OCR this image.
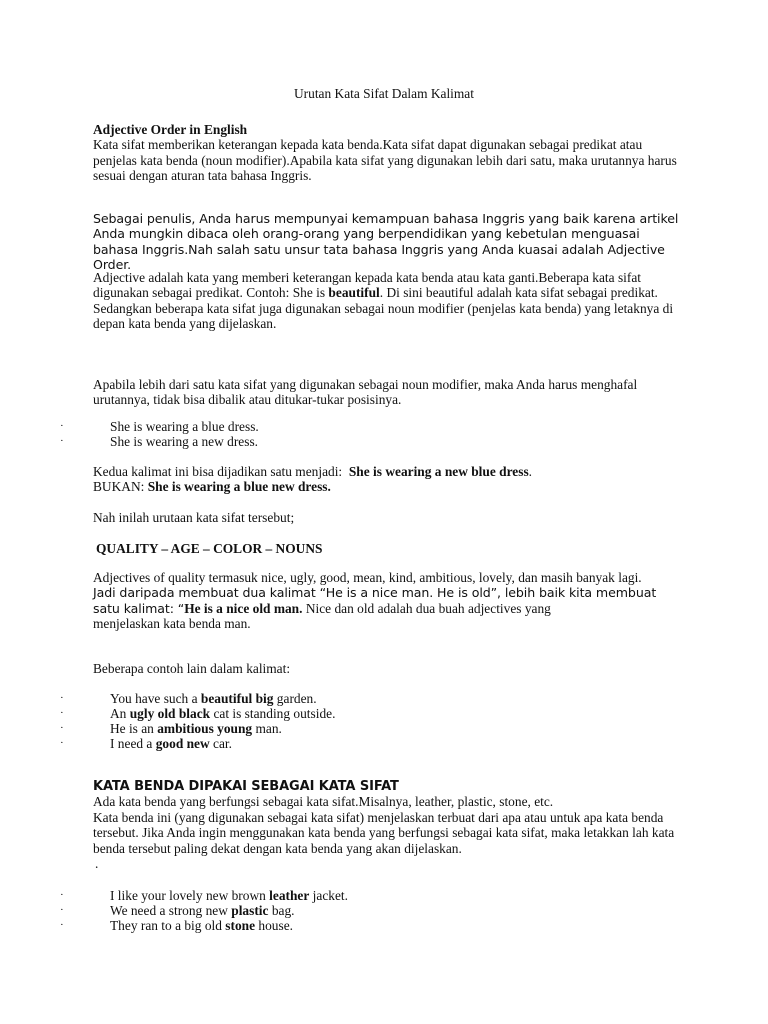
Urutan Kata Sifat Dalam Kalimat
Adjective Order in English

Kata sifat memberikan keterangan kepada kata benda.Kata sifat dapat digunakan sebagai predikat atau penjelas kata benda (noun modifier).Apabila kata sifat yang digunakan lebih dari satu, maka urutannya harus sesuai dengan aturan tata bahasa Inggris.

Sebagai penulis, Anda harus mempunyai kemampuan bahasa Inggris yang baik karena artikel Anda mungkin dibaca oleh orang-orang yang berpendidikan yang kebetulan menguasai bahasa Inggris.Nah salah satu unsur tata bahasa Inggris yang Anda kuasai adalah Adjective Order.

Adjective adalah kata yang memberi keterangan kepada kata benda atau kata ganti.Beberapa kata sifat digunakan sebagai predikat. Contoh: She is beautiful. Di sini beautiful adalah kata sifat sebagai predikat.

Sedangkan beberapa kata sifat juga digunakan sebagai noun modifier (penjelas kata benda) yang letaknya di depan kata benda yang dijelaskan.

Apabila lebih dari satu kata sifat yang digunakan sebagai noun modifier, maka Anda harus menghafal urutannya, tidak bisa dibalik atau ditukar-tukar posisinya.

·	She is wearing a blue dress.
·	She is wearing a new dress.
Kedua kalimat ini bisa dijadikan satu menjadi:  She is wearing a new blue dress.
BUKAN: She is wearing a blue new dress.
Nah inilah urutaan kata sifat tersebut;
QUALITY – AGE – COLOR – NOUNS

Adjectives of quality termasuk nice, ugly, good, mean, kind, ambitious, lovely, dan masih banyak lagi.

Jadi daripada membuat dua kalimat “He is a nice man. He is old”, lebih baik kita membuat
satu kalimat: “He is a nice old man. Nice dan old adalah dua buah adjectives yang
menjelaskan kata benda man.
Beberapa contoh lain dalam kalimat:
·	You have such a beautiful big garden.
·	An ugly old black cat is standing outside.
·	He is an ambitious young man.
·	I need a good new car.
KATA BENDA DIPAKAI SEBAGAI KATA SIFAT

Ada kata benda yang berfungsi sebagai kata sifat.Misalnya, leather, plastic, stone, etc.

Kata benda ini (yang digunakan sebagai kata sifat) menjelaskan terbuat dari apa atau untuk apa kata benda tersebut. Jika Anda ingin menggunakan kata benda yang berfungsi sebagai kata sifat, maka letakkan lah kata benda tersebut paling dekat dengan kata benda yang akan dijelaskan.

.
·	I like your lovely new brown leather jacket.
·	We need a strong new plastic bag.
·	They ran to a big old stone house.
